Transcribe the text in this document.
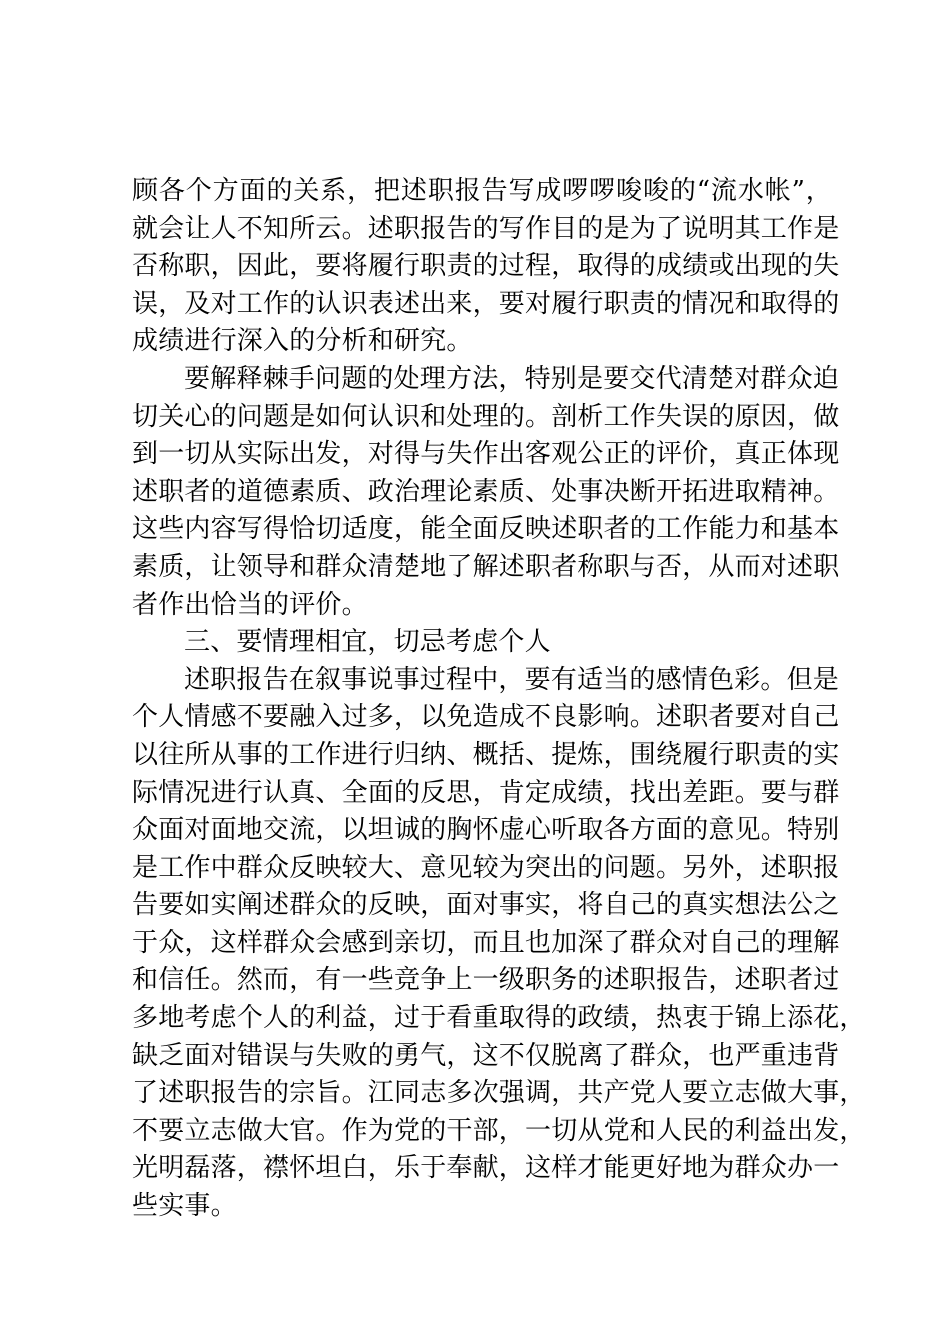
顾各个方面的关系，把述职报告写成啰啰唆唆的“流水帐”，
就会让人不知所云。述职报告的写作目的是为了说明其工作是
否称职，因此，要将履行职责的过程，取得的成绩或出现的失
误，及对工作的认识表述出来，要对履行职责的情况和取得的
成绩进行深入的分析和研究。
要解释棘手问题的处理方法，特别是要交代清楚对群众迫
切关心的问题是如何认识和处理的。剖析工作失误的原因，做
到一切从实际出发，对得与失作出客观公正的评价，真正体现
述职者的道德素质、政治理论素质、处事决断开拓进取精神。
这些内容写得恰切适度，能全面反映述职者的工作能力和基本
素质，让领导和群众清楚地了解述职者称职与否，从而对述职
者作出恰当的评价。
三、要情理相宜，切忌考虑个人
述职报告在叙事说事过程中，要有适当的感情色彩。但是
个人情感不要融入过多，以免造成不良影响。述职者要对自己
以往所从事的工作进行归纳、概括、提炼，围绕履行职责的实
际情况进行认真、全面的反思，肯定成绩，找出差距。要与群
众面对面地交流，以坦诚的胸怀虚心听取各方面的意见。特别
是工作中群众反映较大、意见较为突出的问题。另外，述职报
告要如实阐述群众的反映，面对事实，将自己的真实想法公之
于众，这样群众会感到亲切，而且也加深了群众对自己的理解
和信任。然而，有一些竞争上一级职务的述职报告，述职者过
多地考虑个人的利益，过于看重取得的政绩，热衷于锦上添花，
缺乏面对错误与失败的勇气，这不仅脱离了群众，也严重违背
了述职报告的宗旨。江同志多次强调，共产党人要立志做大事，
不要立志做大官。作为党的干部，一切从党和人民的利益出发，
光明磊落，襟怀坦白，乐于奉献，这样才能更好地为群众办一
些实事。
